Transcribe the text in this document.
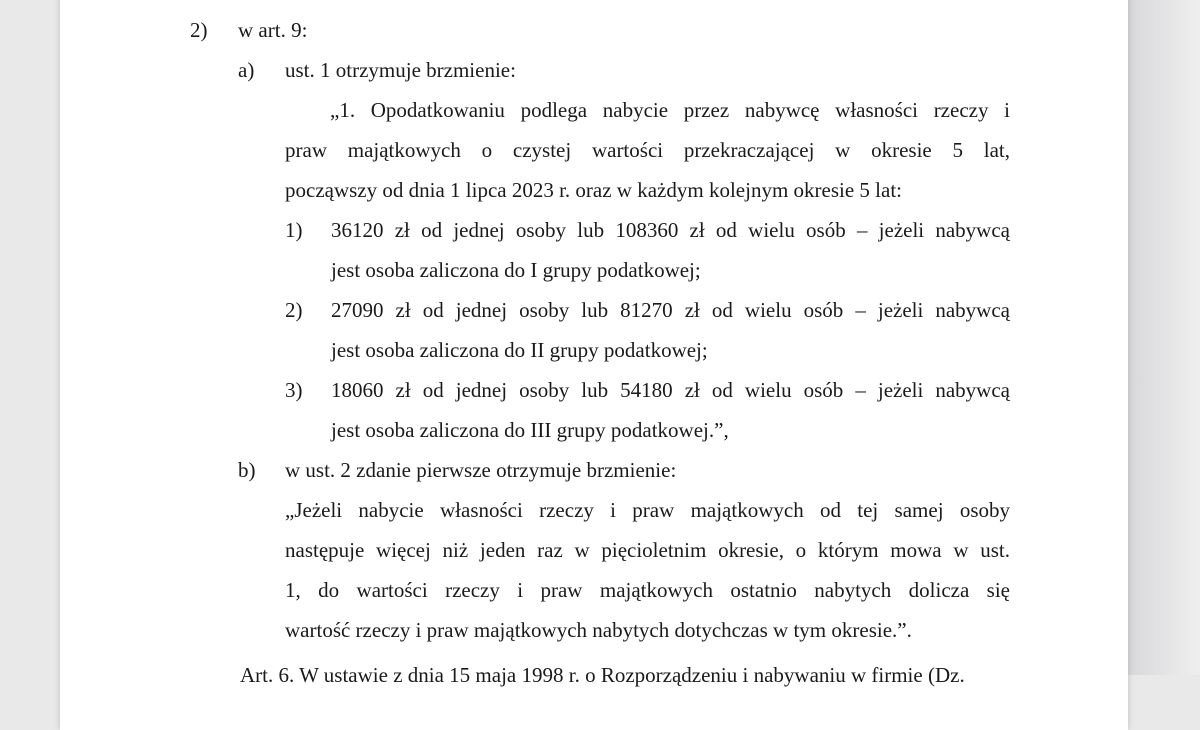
2) w art. 9:
a) ust. 1 otrzymuje brzmienie:
„1. Opodatkowaniu podlega nabycie przez nabywcę własności rzeczy i
praw majątkowych o czystej wartości przekraczającej w okresie 5 lat,
począwszy od dnia 1 lipca 2023 r. oraz w każdym kolejnym okresie 5 lat:
1) 36120 zł od jednej osoby lub 108360 zł od wielu osób – jeżeli nabywcą
jest osoba zaliczona do I grupy podatkowej;
2) 27090 zł od jednej osoby lub 81270 zł od wielu osób – jeżeli nabywcą
jest osoba zaliczona do II grupy podatkowej;
3) 18060 zł od jednej osoby lub 54180 zł od wielu osób – jeżeli nabywcą
jest osoba zaliczona do III grupy podatkowej.”,
b) w ust. 2 zdanie pierwsze otrzymuje brzmienie:
„Jeżeli nabycie własności rzeczy i praw majątkowych od tej samej osoby
następuje więcej niż jeden raz w pięcioletnim okresie, o którym mowa w ust.
1, do wartości rzeczy i praw majątkowych ostatnio nabytych dolicza się
wartość rzeczy i praw majątkowych nabytych dotychczas w tym okresie.”.
Art. 6. W ustawie z dnia 15 maja 1998 r. o Rozporządzeniu i nabywaniu w firmie (Dz.
